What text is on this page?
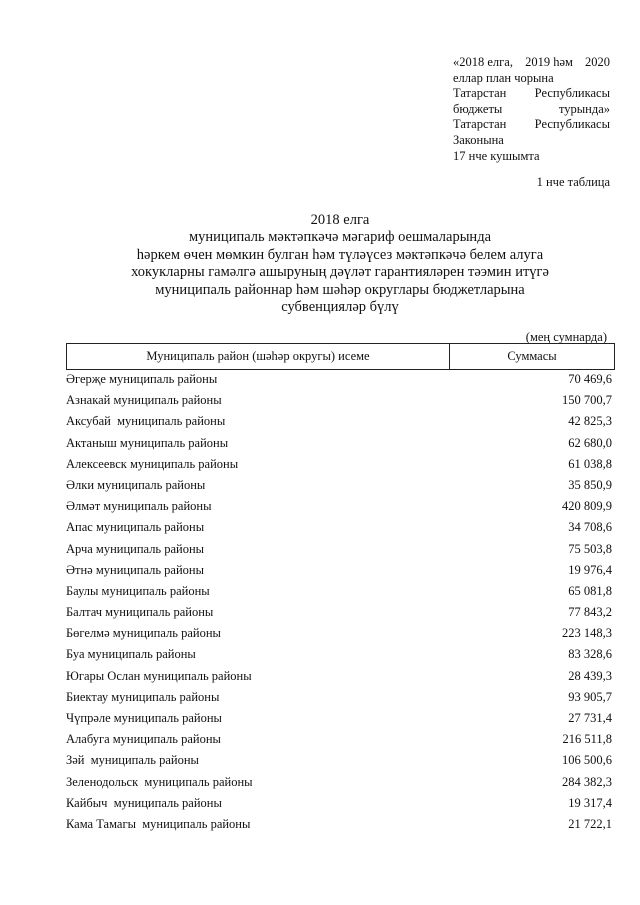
«2018 елга, 2019 һәм 2020
еллар план чорына
Татарстан Республикасы
бюджеты	турында»
Татарстан Республикасы
Законына
17 нче кушымта
1 нче таблица
2018 елга
муниципаль мәктәпкәчә мәгариф оешмаларында
һәркем өчен мөмкин булган һәм түләүсез мәктәпкәчә белем алуга
хокукларны гамәлгә ашыруның дәүләт гарантияләрен тәэмин итүгә
муниципаль районнар һәм шәһәр округлары бюджетларына
субвенцияләр бүлү
(мең сумнарда)
Муниципаль район (шәһәр округы) исеме	Суммасы
Әгерҗе муниципаль районы	70 469,6
Азнакай муниципаль районы	150 700,7
Аксубай  муниципаль районы	42 825,3
Актаныш муниципаль районы	62 680,0
Алексеевск муниципаль районы	61 038,8
Әлки муниципаль районы	35 850,9
Әлмәт муниципаль районы	420 809,9
Апас муниципаль районы	34 708,6
Арча муниципаль районы	75 503,8
Әтнә муниципаль районы	19 976,4
Баулы муниципаль районы	65 081,8
Балтач муниципаль районы	77 843,2
Бөгелмә муниципаль районы	223 148,3
Буа муниципаль районы	83 328,6
Югары Ослан муниципаль районы	28 439,3
Биектау муниципаль районы	93 905,7
Чүпрәле муниципаль районы	27 731,4
Алабуга муниципаль районы	216 511,8
Зәй  муниципаль районы	106 500,6
Зеленодольск  муниципаль районы	284 382,3
Кайбыч  муниципаль районы	19 317,4
Кама Тамагы  муниципаль районы	21 722,1
